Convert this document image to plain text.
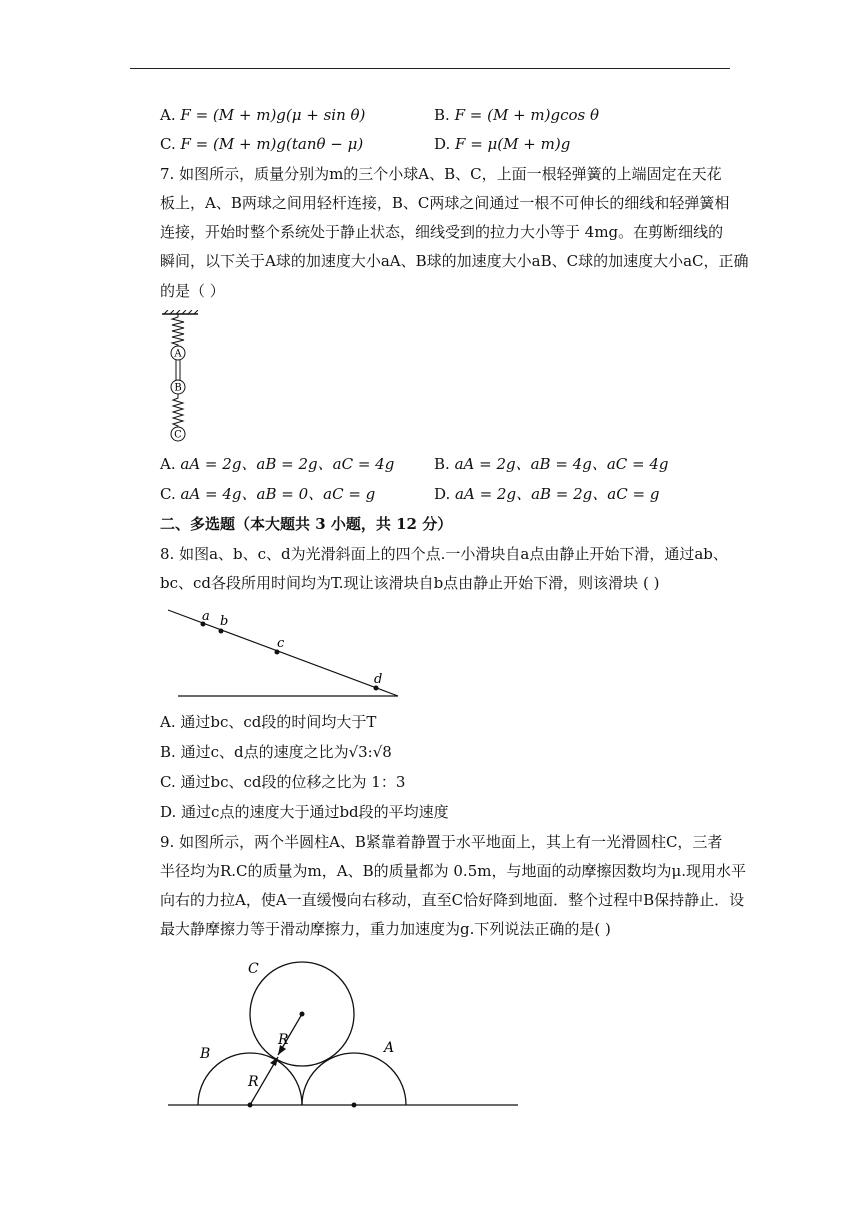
A. F = (M + m)g(μ + sin θ)	B. F = (M + m)gcos θ
C. F = (M + m)g(tanθ − μ)	D. F = μ(M + m)g
7. 如图所示，质量分别为m的三个小球A、B、C，上面一根轻弹簧的上端固定在天花
板上，A、B两球之间用轻杆连接，B、C两球之间通过一根不可伸长的细线和轻弹簧相
连接，开始时整个系统处于静止状态，细线受到的拉力大小等于 4mg。在剪断细线的
瞬间，以下关于A球的加速度大小aA、B球的加速度大小aB、C球的加速度大小aC，正确
的是（ ）
A
B
C
A. aA = 2g、aB = 2g、aC = 4g	B. aA = 2g、aB = 4g、aC = 4g
C. aA = 4g、aB = 0、aC = g	D. aA = 2g、aB = 2g、aC = g
二、多选题（本大题共 3 小题，共 12 分）
8. 如图a、b、c、d为光滑斜面上的四个点.一小滑块自a点由静止开始下滑，通过ab、
bc、cd各段所用时间均为T.现让该滑块自b点由静止开始下滑，则该滑块 ( )
a b
c
d
A. 通过bc、cd段的时间均大于T
B. 通过c、d点的速度之比为√3:√8
C. 通过bc、cd段的位移之比为 1：3
D. 通过c点的速度大于通过bd段的平均速度
9. 如图所示，两个半圆柱A、B紧靠着静置于水平地面上，其上有一光滑圆柱C，三者
半径均为R.C的质量为m，A、B的质量都为 0.5m，与地面的动摩擦因数均为μ.现用水平
向右的力拉A，使A一直缓慢向右移动，直至C恰好降到地面．整个过程中B保持静止．设
最大静摩擦力等于滑动摩擦力，重力加速度为g.下列说法正确的是( )
C
B	A
R
R
